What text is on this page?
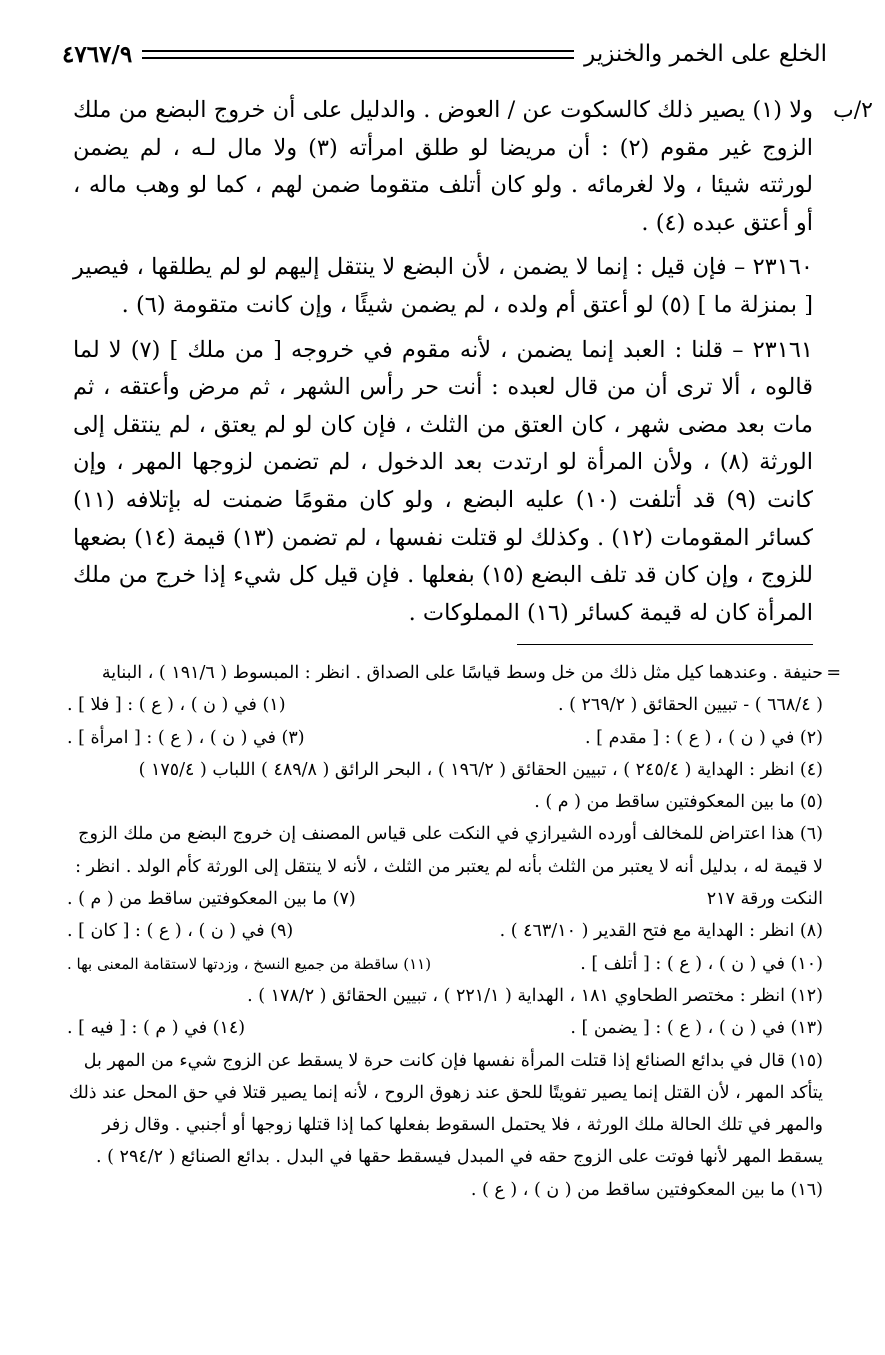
الخلع على الخمر والخنزير
٤٧٦٧/٩
٢/ب

ولا (١) يصير ذلك كالسكوت عن / العوض . والدليل على أن خروج البضع من ملك الزوج غير مقوم (٢) : أن مريضا لو طلق امرأته (٣) ولا مال لـه ، لم يضمن لورثته شيئا ، ولا لغرمائه . ولو كان أتلف متقوما ضمن لهم ، كما لو وهب ماله ، أو أعتق عبده (٤) .

٢٣١٦٠ – فإن قيل : إنما لا يضمن ، لأن البضع لا ينتقل إليهم لو لم يطلقها ، فيصير [ بمنزلة ما ] (٥) لو أعتق أم ولده ، لم يضمن شيئًا ، وإن كانت متقومة (٦) .

٢٣١٦١ – قلنا : العبد إنما يضمن ، لأنه مقوم في خروجه [ من ملك ] (٧) لا لما قالوه ، ألا ترى أن من قال لعبده : أنت حر رأس الشهر ، ثم مرض وأعتقه ، ثم مات بعد مضى شهر ، كان العتق من الثلث ، فإن كان لو لم يعتق ، لم ينتقل إلى الورثة (٨) ، ولأن المرأة لو ارتدت بعد الدخول ، لم تضمن لزوجها المهر ، وإن كانت (٩) قد أتلفت (١٠) عليه البضع ، ولو كان مقومًا ضمنت له بإتلافه (١١) كسائر المقومات (١٢) . وكذلك لو قتلت نفسها ، لم تضمن (١٣) قيمة (١٤) بضعها للزوج ، وإن كان قد تلف البضع (١٥) بفعلها . فإن قيل كل شيء إذا خرج من ملك المرأة كان له قيمة كسائر (١٦) المملوكات .

=
حنيفة . وعندهما كيل مثل ذلك من خل وسط قياسًا على الصداق . انظر : المبسوط ( ١٩١/٦ ) ، البناية
( ٦٦٨/٤ ) - تبيين الحقائق ( ٢٦٩/٢ ) .
(١) في ( ن ) ، ( ع ) : [ فلا ] .
(٢) في ( ن ) ، ( ع ) : [ مقدم ] .
(٣) في ( ن ) ، ( ع ) : [ امرأة ] .
(٤) انظر : الهداية ( ٢٤٥/٤ ) ، تبيين الحقائق ( ١٩٦/٢ ) ، البحر الرائق ( ٤٨٩/٨ ) اللباب ( ١٧٥/٤ )
(٥) ما بين المعكوفتين ساقط من ( م ) .
(٦) هذا اعتراض للمخالف أورده الشيرازي في النكت على قياس المصنف إن خروج البضع من ملك الزوج
لا قيمة له ، بدليل أنه لا يعتبر من الثلث بأنه لم يعتبر من الثلث ، لأنه لا ينتقل إلى الورثة كأم الولد . انظر :
النكت ورقة ٢١٧
(٧) ما بين المعكوفتين ساقط من ( م ) .
(٨) انظر : الهداية مع فتح القدير ( ٤٦٣/١٠ ) .
(٩) في ( ن ) ، ( ع ) : [ كان ] .
(١٠) في ( ن ) ، ( ع ) : [ أتلف ] .
(١١) ساقطة من جميع النسخ ، وزدتها لاستقامة المعنى بها .
(١٢) انظر : مختصر الطحاوي ١٨١ ، الهداية ( ٢٢١/١ ) ، تبيين الحقائق ( ١٧٨/٢ ) .
(١٣) في ( ن ) ، ( ع ) : [ يضمن ] .
(١٤) في ( م ) : [ فيه ] .
(١٥) قال في بدائع الصنائع إذا قتلت المرأة نفسها فإن كانت حرة لا يسقط عن الزوج شيء من المهر بل
يتأكد المهر ، لأن القتل إنما يصير تفويتًا للحق عند زهوق الروح ، لأنه إنما يصير قتلا في حق المحل عند ذلك
والمهر في تلك الحالة ملك الورثة ، فلا يحتمل السقوط بفعلها كما إذا قتلها زوجها أو أجنبي . وقال زفر
يسقط المهر لأنها فوتت على الزوج حقه في المبدل فيسقط حقها في البدل . بدائع الصنائع ( ٢٩٤/٢ ) .
(١٦) ما بين المعكوفتين ساقط من ( ن ) ، ( ع ) .
